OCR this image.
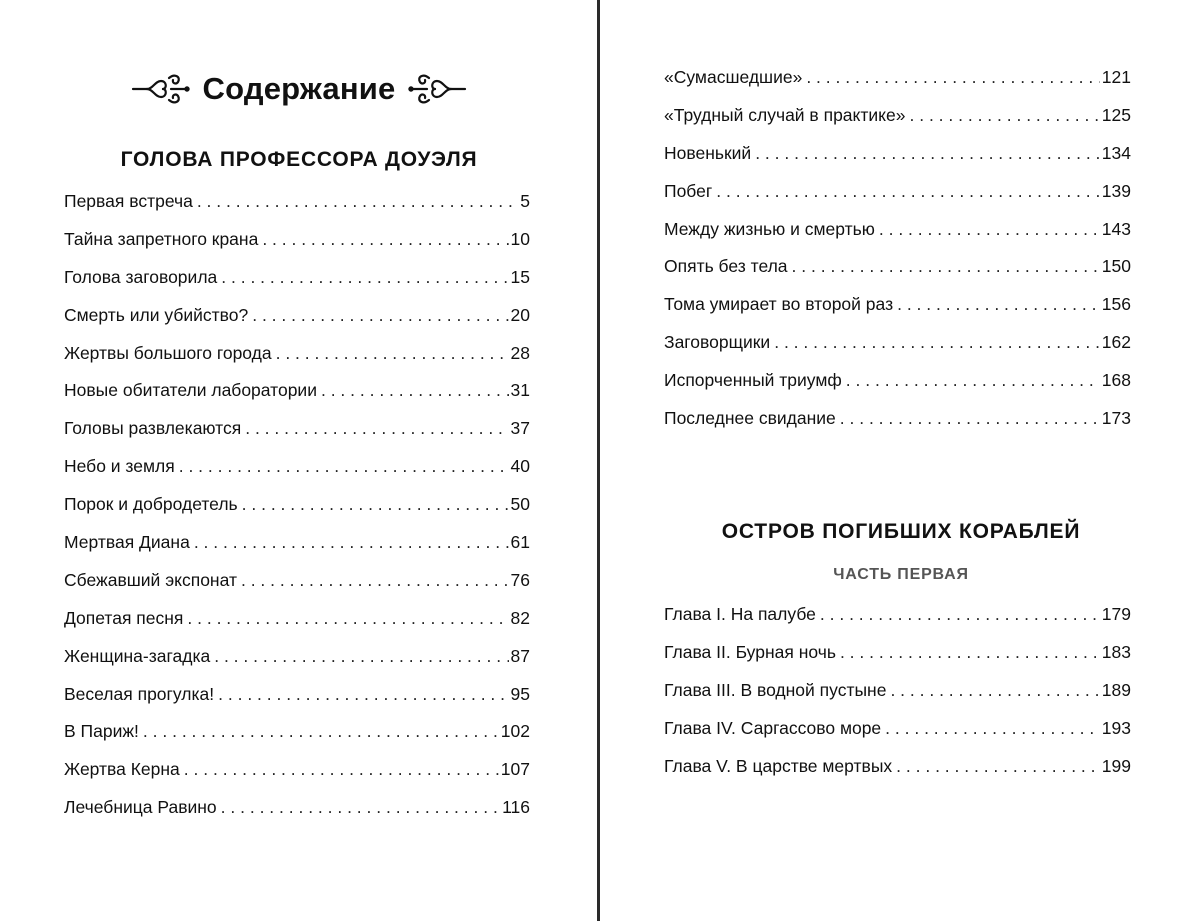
Содержание
ГОЛОВА ПРОФЕССОРА ДОУЭЛЯ
Первая встреча . . .	5
Тайна запретного крана . . .	10
Голова заговорила . . .	15
Смерть или убийство? . . .	20
Жертвы большого города . . .	28
Новые обитатели лаборатории . . .	31
Головы развлекаются . . .	37
Небо и земля . . .	40
Порок и добродетель . . .	50
Мертвая Диана . . .	61
Сбежавший экспонат . . .	76
Допетая песня . . .	82
Женщина-загадка . . .	87
Веселая прогулка! . . .	95
В Париж! . . .	102
Жертва Керна . . .	107
Лечебница Равино . . .	116
«Сумасшедшие» . . .	121
«Трудный случай в практике» . . .	125
Новенький . . .	134
Побег . . .	139
Между жизнью и смертью . . .	143
Опять без тела . . .	150
Тома умирает во второй раз . . .	156
Заговорщики . . .	162
Испорченный триумф . . .	168
Последнее свидание . . .	173
ОСТРОВ ПОГИБШИХ КОРАБЛЕЙ
ЧАСТЬ ПЕРВАЯ
Глава I. На палубе . . .	179
Глава II. Бурная ночь . . .	183
Глава III. В водной пустыне . . .	189
Глава IV. Саргассово море . . .	193
Глава V. В царстве мертвых . . .	199
